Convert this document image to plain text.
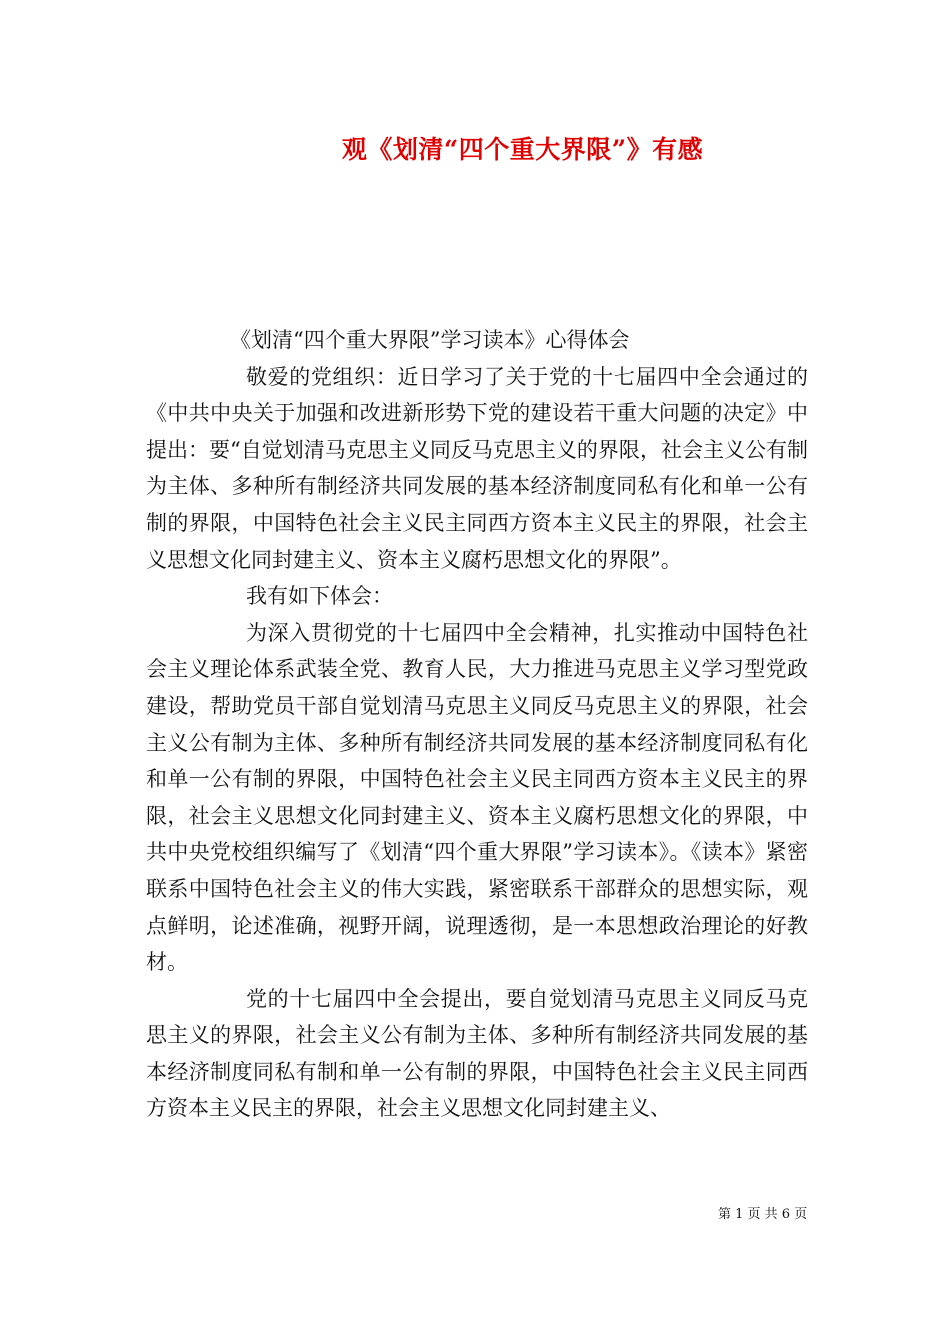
观《划清“四个重大界限”》有感

《划清“四个重大界限”学习读本》心得体会

敬爱的党组织：近日学习了关于党的十七届四中全会通过的《中共中央关于加强和改进新形势下党的建设若干重大问题的决定》中提出：要“自觉划清马克思主义同反马克思主义的界限，社会主义公有制为主体、多种所有制经济共同发展的基本经济制度同私有化和单一公有制的界限，中国特色社会主义民主同西方资本主义民主的界限，社会主义思想文化同封建主义、资本主义腐朽思想文化的界限”。

我有如下体会：

为深入贯彻党的十七届四中全会精神，扎实推动中国特色社会主义理论体系武装全党、教育人民，大力推进马克思主义学习型党政建设，帮助党员干部自觉划清马克思主义同反马克思主义的界限，社会主义公有制为主体、多种所有制经济共同发展的基本经济制度同私有化和单一公有制的界限，中国特色社会主义民主同西方资本主义民主的界限，社会主义思想文化同封建主义、资本主义腐朽思想文化的界限，中共中央党校组织编写了《划清“四个重大界限”学习读本》。《读本》紧密联系中国特色社会主义的伟大实践，紧密联系干部群众的思想实际，观点鲜明，论述准确，视野开阔，说理透彻，是一本思想政治理论的好教材。

党的十七届四中全会提出，要自觉划清马克思主义同反马克思主义的界限，社会主义公有制为主体、多种所有制经济共同发展的基本经济制度同私有制和单一公有制的界限，中国特色社会主义民主同西方资本主义民主的界限，社会主义思想文化同封建主义、

第 1 页 共 6 页
